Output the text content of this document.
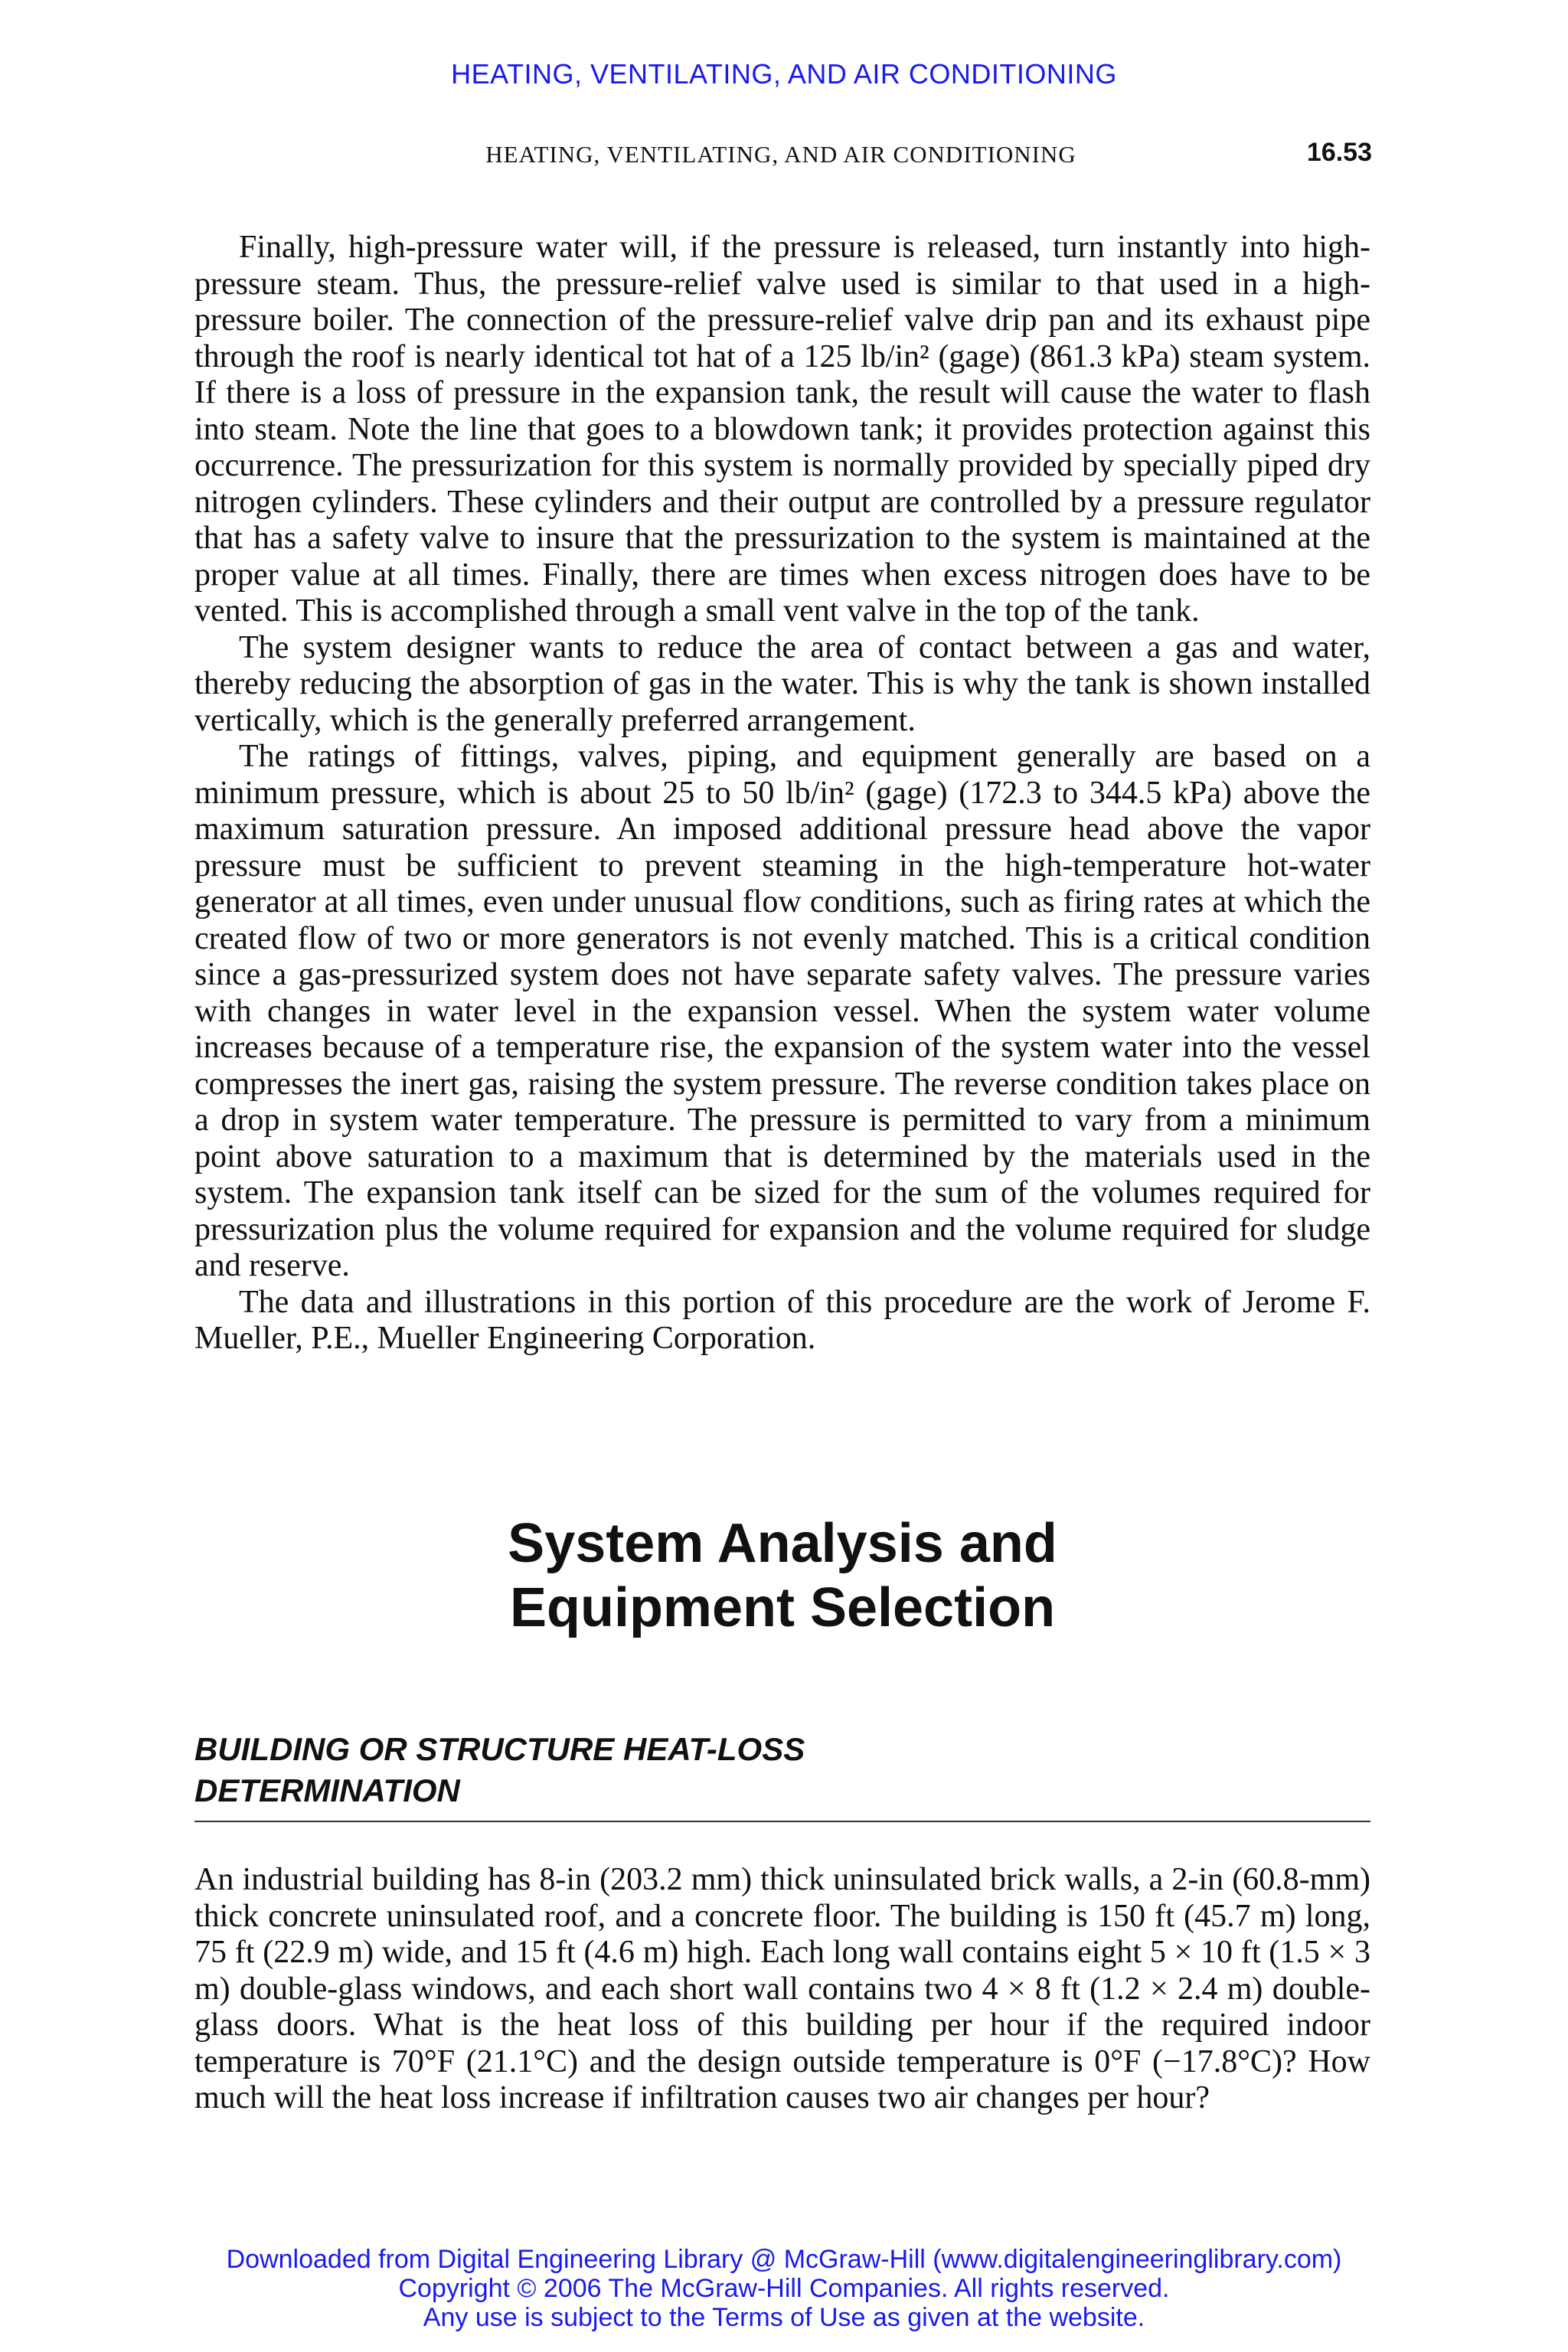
HEATING, VENTILATING, AND AIR CONDITIONING
HEATING, VENTILATING, AND AIR CONDITIONING	16.53

Finally, high-pressure water will, if the pressure is released, turn instantly into high-pressure steam. Thus, the pressure-relief valve used is similar to that used in a high-pressure boiler. The connection of the pressure-relief valve drip pan and its exhaust pipe through the roof is nearly identical tot hat of a 125 lb/in² (gage) (861.3 kPa) steam system. If there is a loss of pressure in the expansion tank, the result will cause the water to flash into steam. Note the line that goes to a blowdown tank; it provides protection against this occurrence. The pressurization for this system is normally provided by specially piped dry nitrogen cylinders. These cylinders and their output are controlled by a pressure regulator that has a safety valve to insure that the pressurization to the system is maintained at the proper value at all times. Finally, there are times when excess nitrogen does have to be vented. This is accomplished through a small vent valve in the top of the tank.

The system designer wants to reduce the area of contact between a gas and water, thereby reducing the absorption of gas in the water. This is why the tank is shown installed vertically, which is the generally preferred arrangement.

The ratings of fittings, valves, piping, and equipment generally are based on a minimum pressure, which is about 25 to 50 lb/in² (gage) (172.3 to 344.5 kPa) above the maximum saturation pressure. An imposed additional pressure head above the vapor pressure must be sufficient to prevent steaming in the high-temperature hot-water generator at all times, even under unusual flow conditions, such as firing rates at which the created flow of two or more generators is not evenly matched. This is a critical condition since a gas-pressurized system does not have separate safety valves. The pressure varies with changes in water level in the expansion vessel. When the system water volume increases because of a temperature rise, the expansion of the system water into the vessel compresses the inert gas, raising the system pressure. The reverse condition takes place on a drop in system water temperature. The pressure is permitted to vary from a minimum point above saturation to a maximum that is determined by the materials used in the system. The expansion tank itself can be sized for the sum of the volumes required for pressurization plus the volume required for expansion and the volume required for sludge and reserve.

The data and illustrations in this portion of this procedure are the work of Jerome F. Mueller, P.E., Mueller Engineering Corporation.

System Analysis and
Equipment Selection
BUILDING OR STRUCTURE HEAT-LOSS
DETERMINATION

An industrial building has 8-in (203.2 mm) thick uninsulated brick walls, a 2-in (60.8-mm) thick concrete uninsulated roof, and a concrete floor. The building is 150 ft (45.7 m) long, 75 ft (22.9 m) wide, and 15 ft (4.6 m) high. Each long wall contains eight 5 × 10 ft (1.5 × 3 m) double-glass windows, and each short wall contains two 4 × 8 ft (1.2 × 2.4 m) double-glass doors. What is the heat loss of this building per hour if the required indoor temperature is 70°F (21.1°C) and the design outside temperature is 0°F (−17.8°C)? How much will the heat loss increase if infiltration causes two air changes per hour?

Downloaded from Digital Engineering Library @ McGraw-Hill (www.digitalengineeringlibrary.com)
Copyright © 2006 The McGraw-Hill Companies. All rights reserved.
Any use is subject to the Terms of Use as given at the website.
